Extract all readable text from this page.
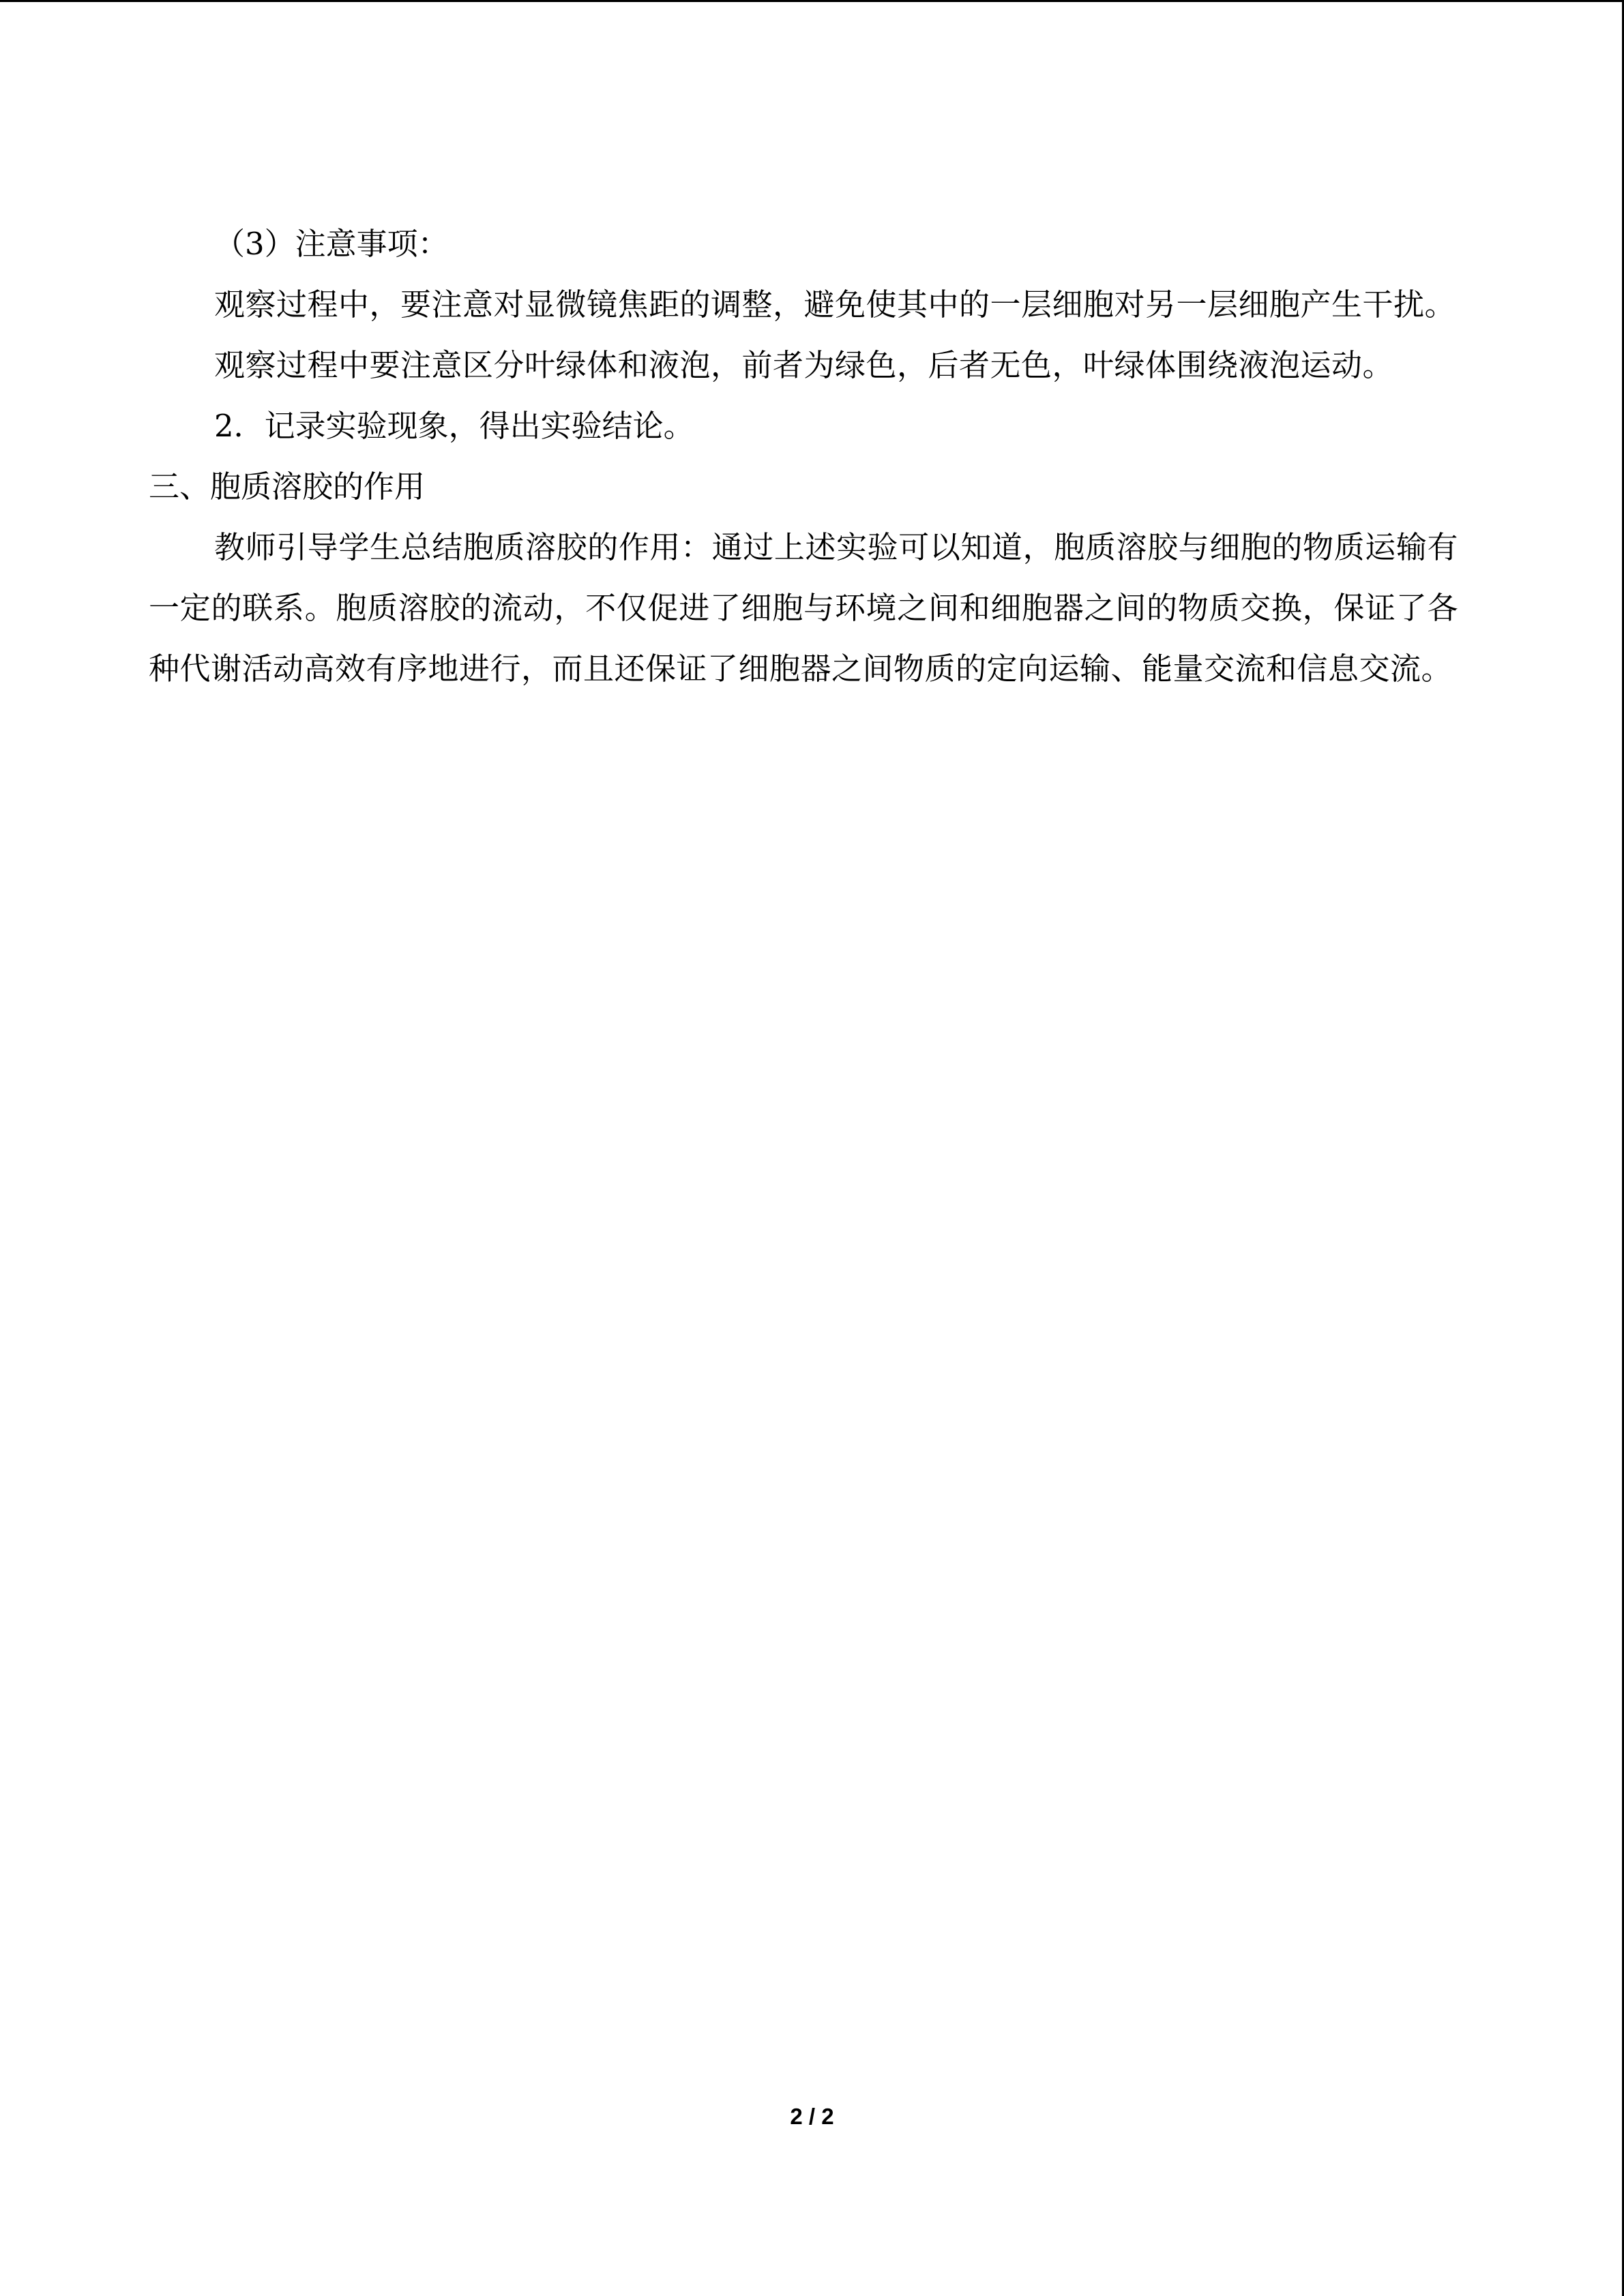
（3）注意事项：

观察过程中，要注意对显微镜焦距的调整，避免使其中的一层细胞对另一层细胞产生干扰。

观察过程中要注意区分叶绿体和液泡，前者为绿色，后者无色，叶绿体围绕液泡运动。

2．记录实验现象，得出实验结论。

三、胞质溶胶的作用

教师引导学生总结胞质溶胶的作用：通过上述实验可以知道，胞质溶胶与细胞的物质运输有一定的联系。胞质溶胶的流动，不仅促进了细胞与环境之间和细胞器之间的物质交换，保证了各种代谢活动高效有序地进行，而且还保证了细胞器之间物质的定向运输、能量交流和信息交流。

2 / 2
